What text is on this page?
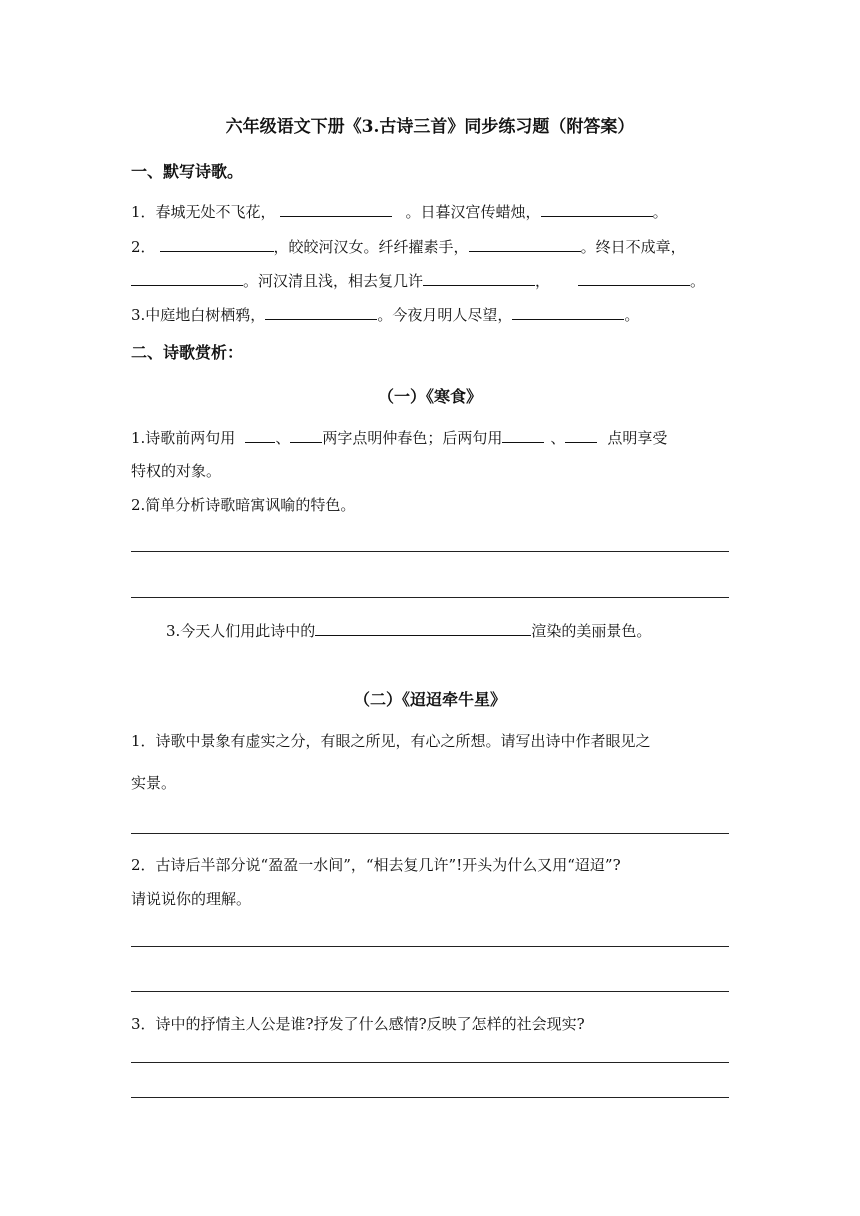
六年级语文下册《3.古诗三首》同步练习题（附答案）
一、默写诗歌。
1．春城无处不飞花，	。日暮汉宫传蜡烛，	。
2．	，皎皎河汉女。纤纤擢素手，	。终日不成章，
。河汉清且浅，相去复几许	，	。
3.中庭地白树栖鸦，	。今夜月明人尽望，	。
二、诗歌赏析：
（一）《寒食》
1.诗歌前两句用	、 两字点明仲春色；后两句用	、	点明享受
特权的对象。
2.简单分析诗歌暗寓讽喻的特色。
3.今天人们用此诗中的	渲染的美丽景色。
（二）《迢迢牵牛星》
1．诗歌中景象有虚实之分，有眼之所见，有心之所想。请写出诗中作者眼见之
实景。
2．古诗后半部分说“盈盈一水间”，“相去复几许”!开头为什么又用“迢迢”?
请说说你的理解。
3．诗中的抒情主人公是谁?抒发了什么感情?反映了怎样的社会现实?
